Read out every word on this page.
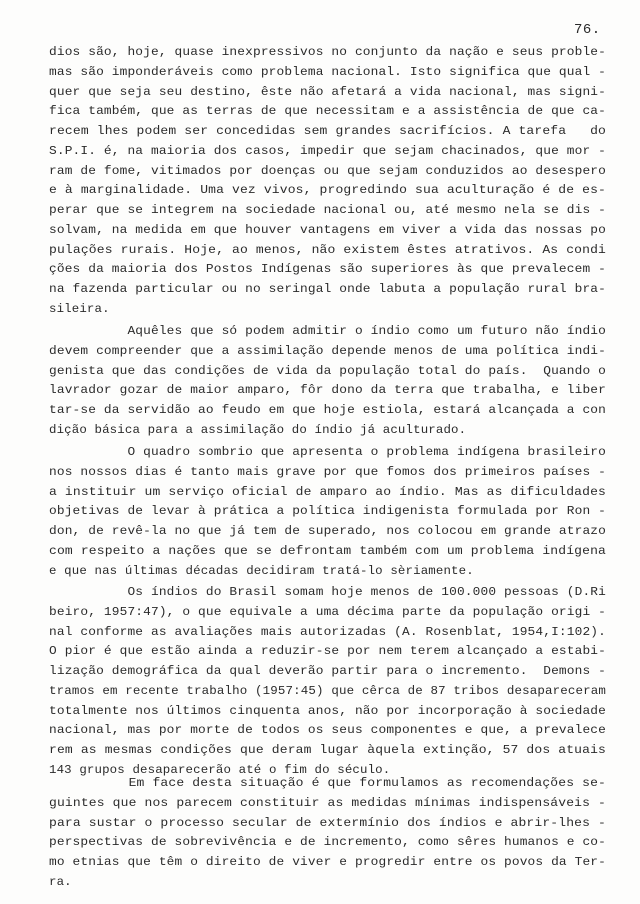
76.
dios são, hoje, quase inexpressivos no conjunto da nação e seus proble-
mas são imponderáveis como problema nacional. Isto significa que qual -
quer que seja seu destino, êste não afetará a vida nacional, mas signi-
fica também, que as terras de que necessitam e a assistência de que ca-
recem lhes podem ser concedidas sem grandes sacrifícios. A tarefa   do
S.P.I. é, na maioria dos casos, impedir que sejam chacinados, que mor -
ram de fome, vitimados por doenças ou que sejam conduzidos ao desespero
e à marginalidade. Uma vez vivos, progredindo sua aculturação é de es-
perar que se integrem na sociedade nacional ou, até mesmo nela se dis -
solvam, na medida em que houver vantagens em viver a vida das nossas po
pulações rurais. Hoje, ao menos, não existem êstes atrativos. As condi
ções da maioria dos Postos Indígenas são superiores às que prevalecem -
na fazenda particular ou no seringal onde labuta a população rural bra-
sileira.
Aquêles que só podem admitir o índio como um futuro não índio
devem compreender que a assimilação depende menos de uma política indi-
genista que das condições de vida da população total do país.  Quando o
lavrador gozar de maior amparo, fôr dono da terra que trabalha, e liber
tar-se da servidão ao feudo em que hoje estiola, estará alcançada a con
dição básica para a assimilação do índio já aculturado.
O quadro sombrio que apresenta o problema indígena brasileiro
nos nossos dias é tanto mais grave por que fomos dos primeiros países -
a instituir um serviço oficial de amparo ao índio. Mas as dificuldades
objetivas de levar à prática a política indigenista formulada por Ron -
don, de revê-la no que já tem de superado, nos colocou em grande atrazo
com respeito a nações que se defrontam também com um problema indígena
e que nas últimas décadas decidiram tratá-lo sèriamente.
Os índios do Brasil somam hoje menos de 100.000 pessoas (D.Ri
beiro, 1957:47), o que equivale a uma décima parte da população origi -
nal conforme as avaliações mais autorizadas (A. Rosenblat, 1954,I:102).
O pior é que estão ainda a reduzir-se por nem terem alcançado a estabi-
lização demográfica da qual deverão partir para o incremento.  Demons -
tramos em recente trabalho (1957:45) que cêrca de 87 tribos desapareceram
totalmente nos últimos cinquenta anos, não por incorporação à sociedade
nacional, mas por morte de todos os seus componentes e que, a prevalece
rem as mesmas condições que deram lugar àquela extinção, 57 dos atuais
143 grupos desaparecerão até o fim do século.
Em face desta situação é que formulamos as recomendações se-
guintes que nos parecem constituir as medidas mínimas indispensáveis -
para sustar o processo secular de extermínio dos índios e abrir-lhes -
perspectivas de sobrevivência e de incremento, como sêres humanos e co-
mo etnias que têm o direito de viver e progredir entre os povos da Ter-
ra.
